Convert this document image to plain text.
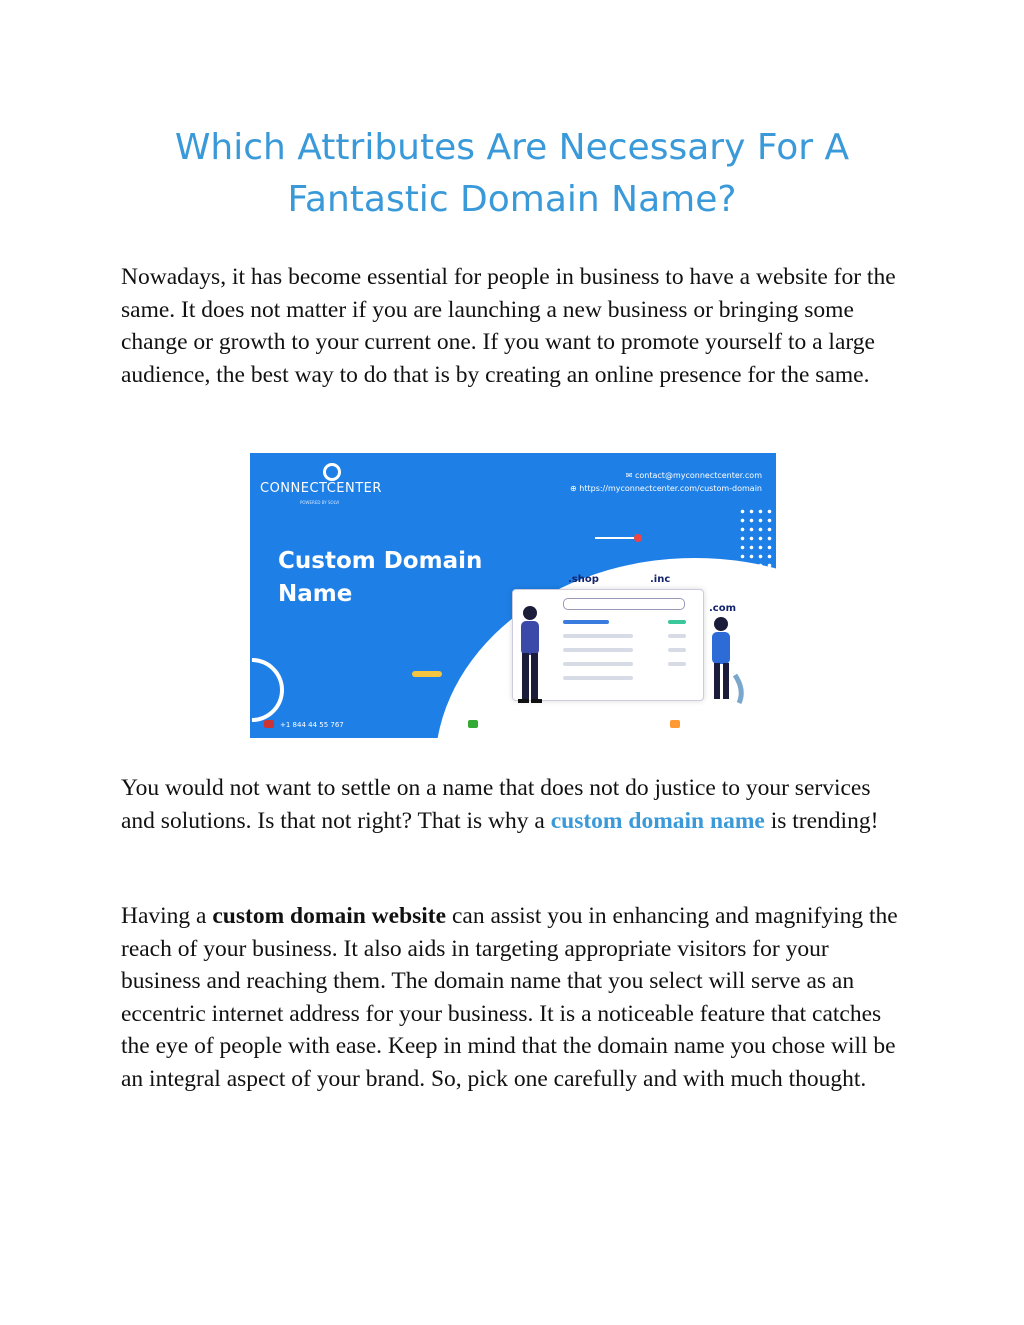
Which Attributes Are Necessary For A Fantastic Domain Name?

Nowadays, it has become essential for people in business to have a website for the same. It does not matter if you are launching a new business or bringing some change or growth to your current one. If you want to promote yourself to a large audience, the best way to do that is by creating an online presence for the same.

CONNECTCENTER
POWERED BY SOLVI
✉ contact@myconnectcenter.com
⊕ https://myconnectcenter.com/custom-domain
Custom Domain
Name
.shop	.inc
.com
+1 844 44 55 767	+971 50 6271276	+91 9212 080 630

You would not want to settle on a name that does not do justice to your services and solutions. Is that not right? That is why a custom domain name is trending!

Having a custom domain website can assist you in enhancing and magnifying the reach of your business. It also aids in targeting appropriate visitors for your business and reaching them. The domain name that you select will serve as an eccentric internet address for your business. It is a noticeable feature that catches the eye of people with ease. Keep in mind that the domain name you chose will be an integral aspect of your brand. So, pick one carefully and with much thought.
